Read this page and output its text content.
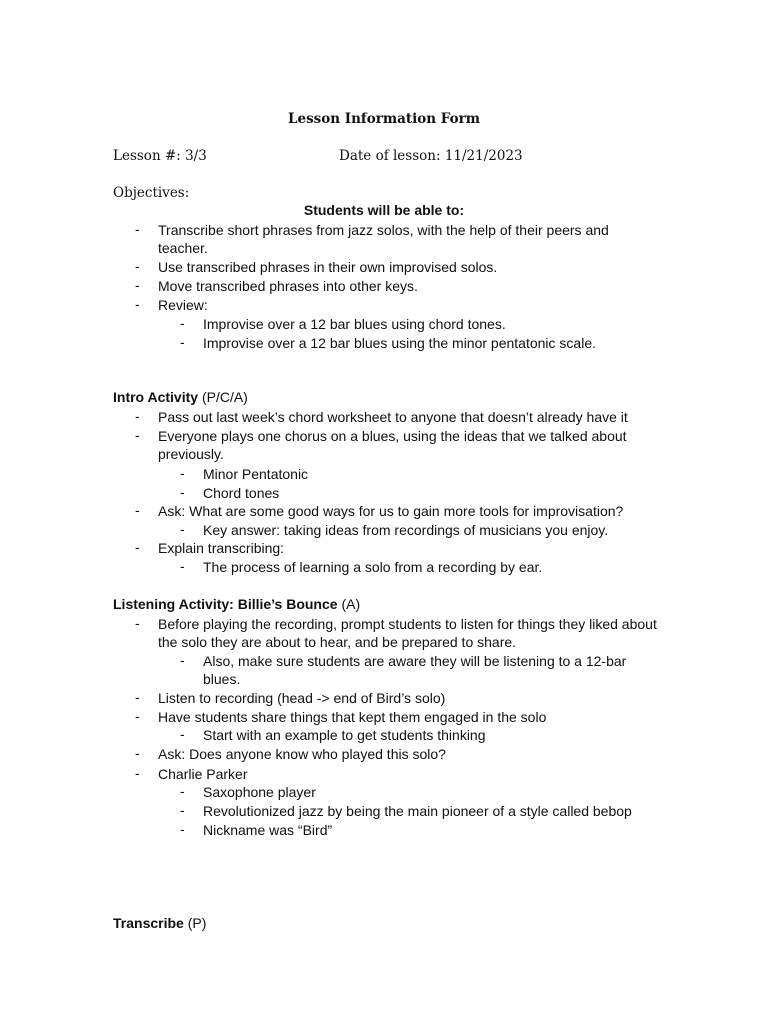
Lesson Information Form
Lesson #: 3/3	Date of lesson: 11/21/2023
Objectives:
Students will be able to:
- Transcribe short phrases from jazz solos, with the help of their peers and teacher.
- Use transcribed phrases in their own improvised solos.
- Move transcribed phrases into other keys.
- Review:
- Improvise over a 12 bar blues using chord tones.
- Improvise over a 12 bar blues using the minor pentatonic scale.
Intro Activity (P/C/A)
- Pass out last week’s chord worksheet to anyone that doesn’t already have it
- Everyone plays one chorus on a blues, using the ideas that we talked about previously.
- Minor Pentatonic
- Chord tones
- Ask: What are some good ways for us to gain more tools for improvisation?
- Key answer: taking ideas from recordings of musicians you enjoy.
- Explain transcribing:
- The process of learning a solo from a recording by ear.
Listening Activity: Billie’s Bounce (A)
- Before playing the recording, prompt students to listen for things they liked about the solo they are about to hear, and be prepared to share.
- Also, make sure students are aware they will be listening to a 12-bar blues.
- Listen to recording (head -> end of Bird’s solo)
- Have students share things that kept them engaged in the solo
- Start with an example to get students thinking
- Ask: Does anyone know who played this solo?
- Charlie Parker
- Saxophone player
- Revolutionized jazz by being the main pioneer of a style called bebop
- Nickname was “Bird”
Transcribe (P)
